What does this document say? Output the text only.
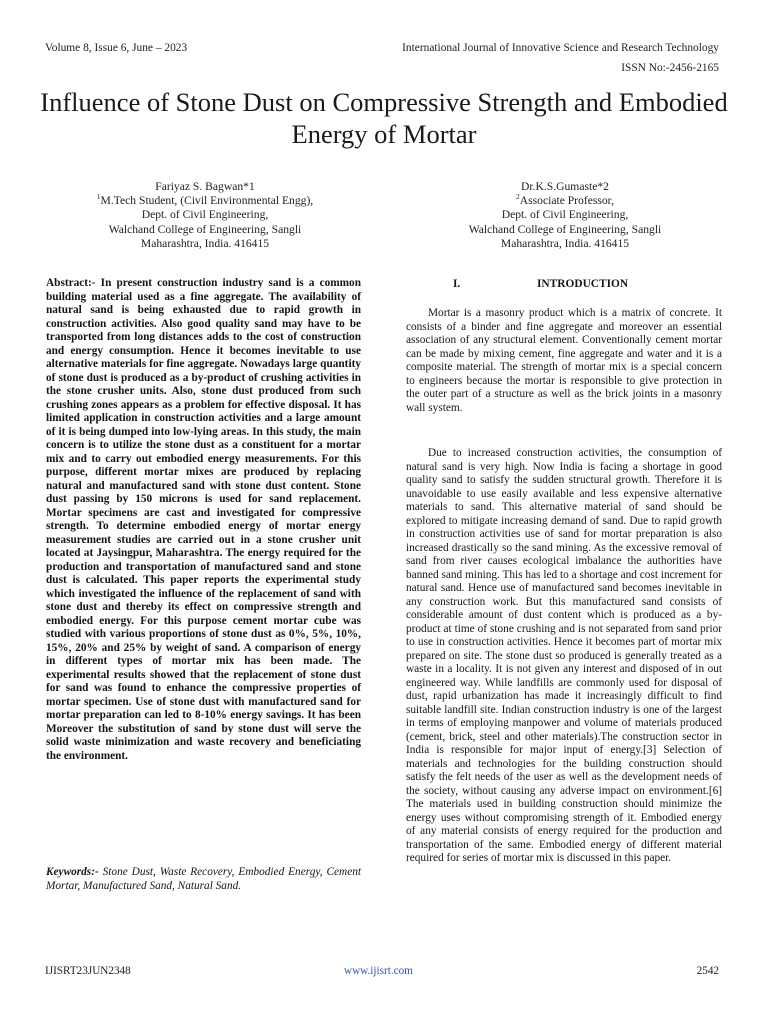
Volume 8, Issue 6, June – 2023	International Journal of Innovative Science and Research Technology
ISSN No:-2456-2165
Influence of Stone Dust on Compressive Strength and Embodied Energy of Mortar
Fariyaz S. Bagwan*1
$^1$M.Tech Student, (Civil Environmental Engg),
Dept. of Civil Engineering,
Walchand College of Engineering, Sangli
Maharashtra, India. 416415
Dr.K.S.Gumaste*2
$^2$Associate Professor,
Dept. of Civil Engineering,
Walchand College of Engineering, Sangli
Maharashtra, India. 416415
Abstract:- In present construction industry sand is a common building material used as a fine aggregate. The availability of natural sand is being exhausted due to rapid growth in construction activities. Also good quality sand may have to be transported from long distances adds to the cost of construction and energy consumption. Hence it becomes inevitable to use alternative materials for fine aggregate. Nowadays large quantity of stone dust is produced as a by-product of crushing activities in the stone crusher units. Also, stone dust produced from such crushing zones appears as a problem for effective disposal. It has limited application in construction activities and a large amount of it is being dumped into low-lying areas. In this study, the main concern is to utilize the stone dust as a constituent for a mortar mix and to carry out embodied energy measurements. For this purpose, different mortar mixes are produced by replacing natural and manufactured sand with stone dust content. Stone dust passing by 150 microns is used for sand replacement. Mortar specimens are cast and investigated for compressive strength. To determine embodied energy of mortar energy measurement studies are carried out in a stone crusher unit located at Jaysingpur, Maharashtra. The energy required for the production and transportation of manufactured sand and stone dust is calculated. This paper reports the experimental study which investigated the influence of the replacement of sand with stone dust and thereby its effect on compressive strength and embodied energy. For this purpose cement mortar cube was studied with various proportions of stone dust as 0%, 5%, 10%, 15%, 20% and 25% by weight of sand. A comparison of energy in different types of mortar mix has been made. The experimental results showed that the replacement of stone dust for sand was found to enhance the compressive properties of mortar specimen. Use of stone dust with manufactured sand for mortar preparation can led to 8-10% energy savings. It has been Moreover the substitution of sand by stone dust will serve the solid waste minimization and waste recovery and beneficiating the environment.
Keywords:- Stone Dust, Waste Recovery, Embodied Energy, Cement Mortar, Manufactured Sand, Natural Sand.
I.	INTRODUCTION

Mortar is a masonry product which is a matrix of concrete. It consists of a binder and fine aggregate and moreover an essential association of any structural element. Conventionally cement mortar can be made by mixing cement, fine aggregate and water and it is a composite material. The strength of mortar mix is a special concern to engineers because the mortar is responsible to give protection in the outer part of a structure as well as the brick joints in a masonry wall system.

Due to increased construction activities, the consumption of natural sand is very high. Now India is facing a shortage in good quality sand to satisfy the sudden structural growth. Therefore it is unavoidable to use easily available and less expensive alternative materials to sand. This alternative material of sand should be explored to mitigate increasing demand of sand. Due to rapid growth in construction activities use of sand for mortar preparation is also increased drastically so the sand mining. As the excessive removal of sand from river causes ecological imbalance the authorities have banned sand mining. This has led to a shortage and cost increment for natural sand. Hence use of manufactured sand becomes inevitable in any construction work. But this manufactured sand consists of considerable amount of dust content which is produced as a by-product at time of stone crushing and is not separated from sand prior to use in construction activities. Hence it becomes part of mortar mix prepared on site. The stone dust so produced is generally treated as a waste in a locality. It is not given any interest and disposed of in out engineered way. While landfills are commonly used for disposal of dust, rapid urbanization has made it increasingly difficult to find suitable landfill site. Indian construction industry is one of the largest in terms of employing manpower and volume of materials produced (cement, brick, steel and other materials).The construction sector in India is responsible for major input of energy.[3] Selection of materials and technologies for the building construction should satisfy the felt needs of the user as well as the development needs of the society, without causing any adverse impact on environment.[6] The materials used in building construction should minimize the energy uses without compromising strength of it. Embodied energy of any material consists of energy required for the production and transportation of the same. Embodied energy of different material required for series of mortar mix is discussed in this paper.

IJISRT23JUN2348	www.ijisrt.com	2542
